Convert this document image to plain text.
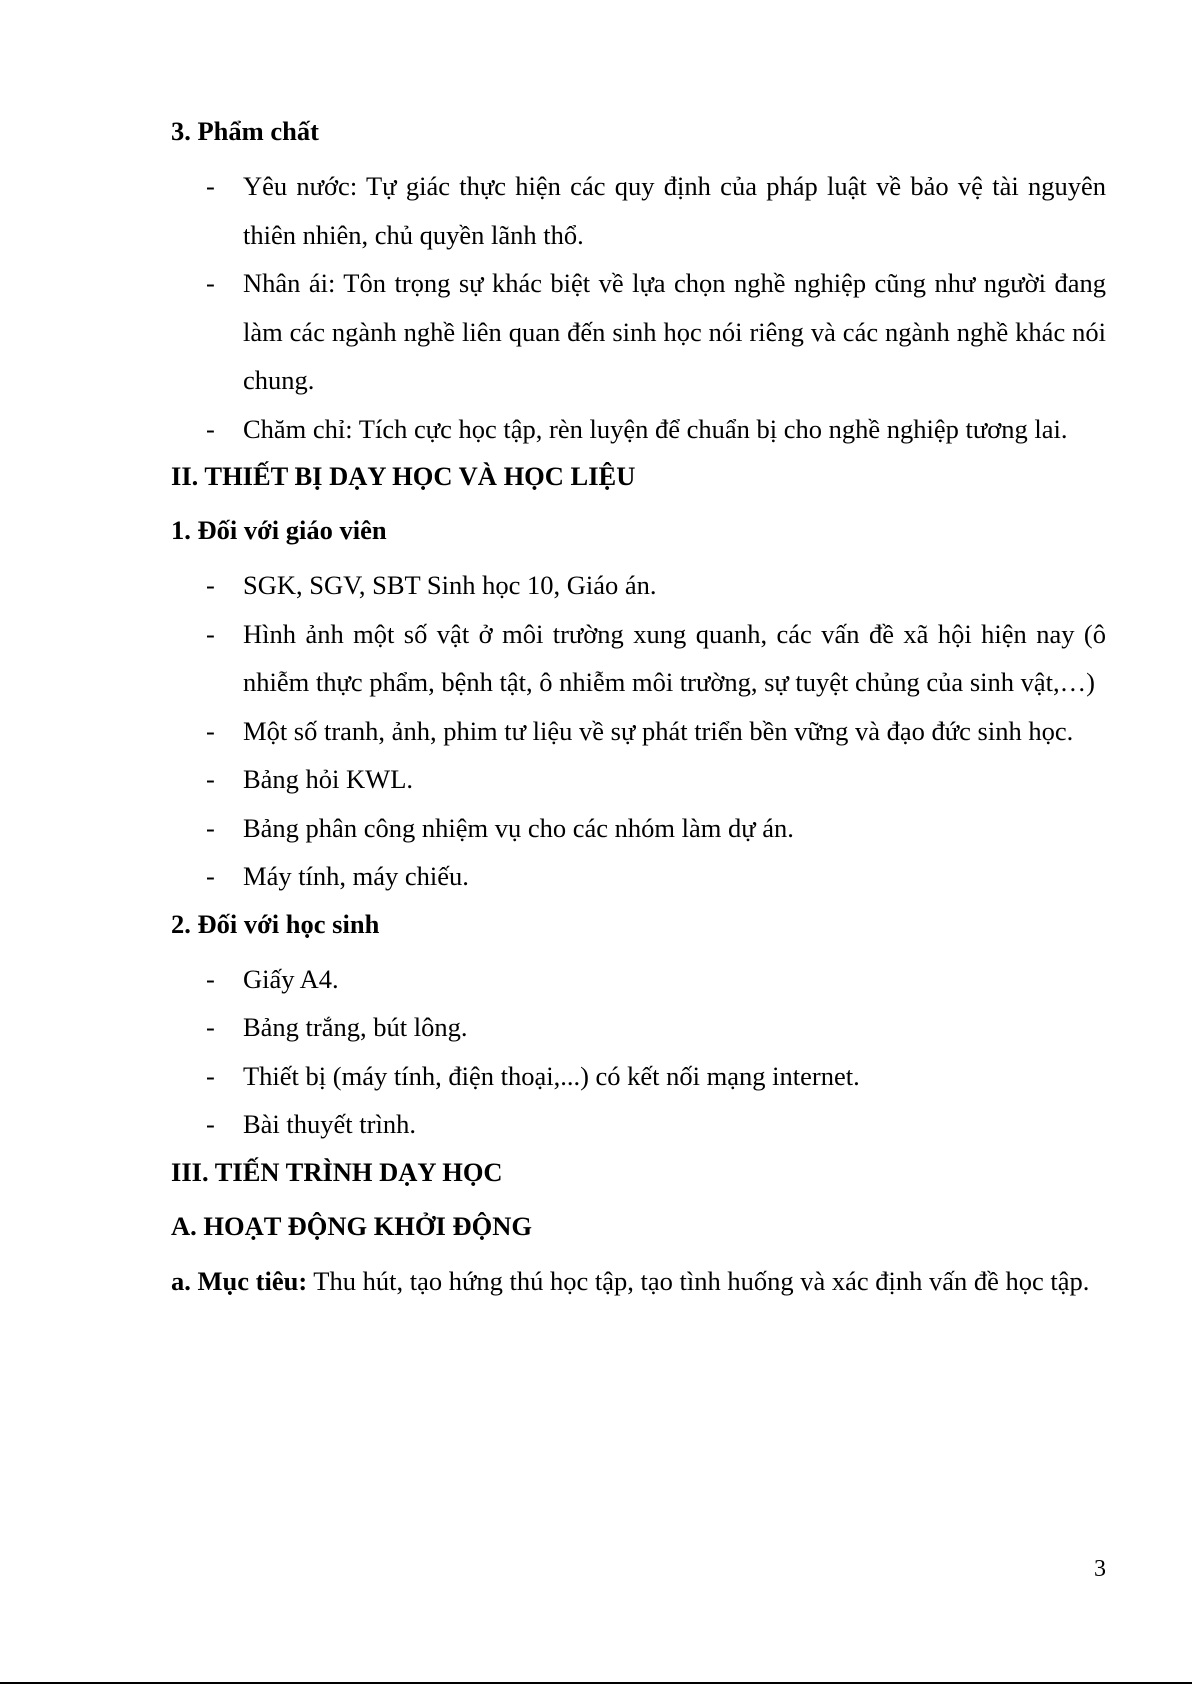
3. Phẩm chất
- Yêu nước: Tự giác thực hiện các quy định của pháp luật về bảo vệ tài nguyên thiên nhiên, chủ quyền lãnh thổ.
- Nhân ái: Tôn trọng sự khác biệt về lựa chọn nghề nghiệp cũng như người đang làm các ngành nghề liên quan đến sinh học nói riêng và các ngành nghề khác nói chung.
- Chăm chỉ: Tích cực học tập, rèn luyện để chuẩn bị cho nghề nghiệp tương lai.
II. THIẾT BỊ DẠY HỌC VÀ HỌC LIỆU
1. Đối với giáo viên
- SGK, SGV, SBT Sinh học 10, Giáo án.
- Hình ảnh một số vật ở môi trường xung quanh, các vấn đề xã hội hiện nay (ô nhiễm thực phẩm, bệnh tật, ô nhiễm môi trường, sự tuyệt chủng của sinh vật,…)
- Một số tranh, ảnh, phim tư liệu về sự phát triển bền vững và đạo đức sinh học.
- Bảng hỏi KWL.
- Bảng phân công nhiệm vụ cho các nhóm làm dự án.
- Máy tính, máy chiếu.
2. Đối với học sinh
- Giấy A4.
- Bảng trắng, bút lông.
- Thiết bị (máy tính, điện thoại,...) có kết nối mạng internet.
- Bài thuyết trình.
III. TIẾN TRÌNH DẠY HỌC
A. HOẠT ĐỘNG KHỞI ĐỘNG

a. Mục tiêu: Thu hút, tạo hứng thú học tập, tạo tình huống và xác định vấn đề học tập.

3
